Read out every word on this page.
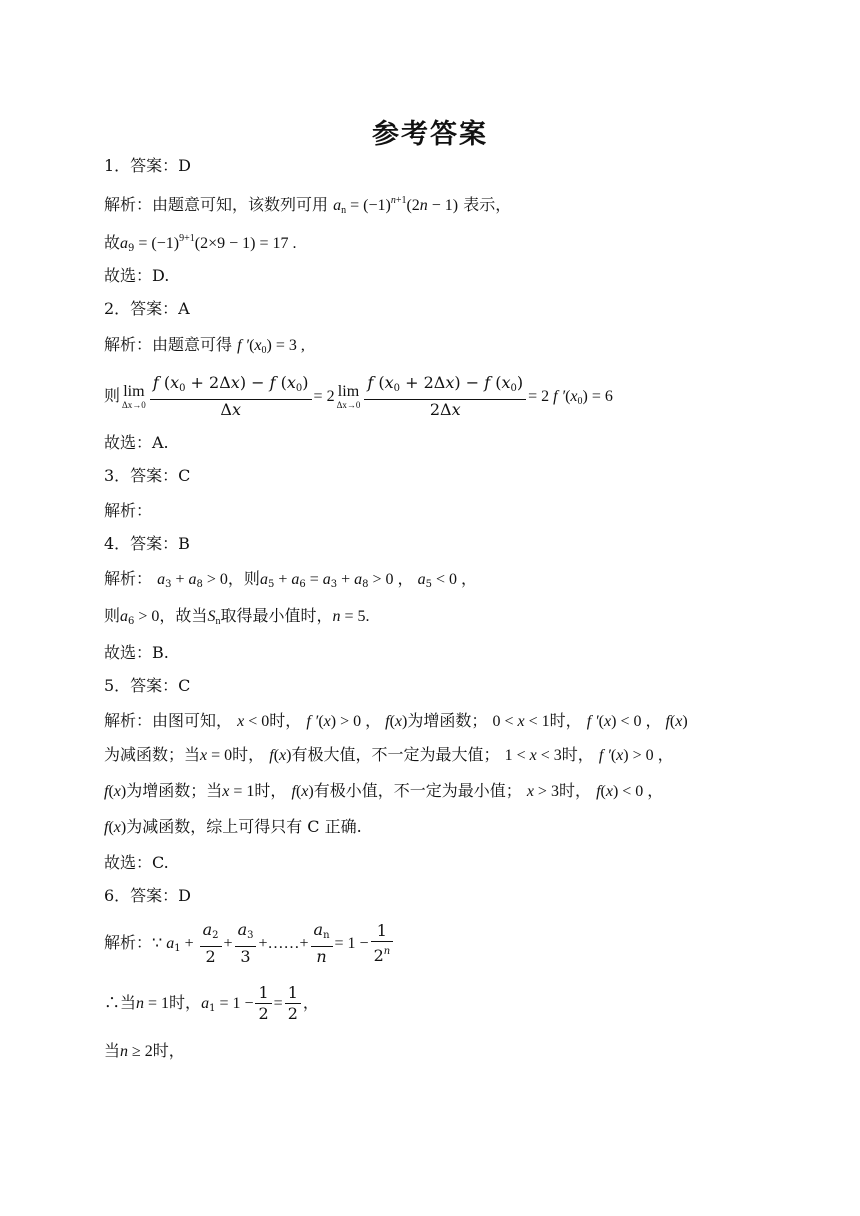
参考答案
1．答案：D
解析：由题意可知，该数列可用 $a_n = (-1)^{n+1}(2n - 1)$ 表示，
故$a_9 = (-1)^{9+1}(2\times 9 - 1) = 17$ .
故选：D.
2．答案：A
解析：由题意可得 f $'(x_0) = 3$ ,
则 lim
$\Delta x\to 0 \frac{f (x_0 + 2\Delta x) - f (x_0)}{\Delta x} = 2$ lim
$\Delta x\to 0 \frac{f (x_0 + 2\Delta x) - f (x_0)}{2\Delta x} = 2$ f $'(x_0) = 6$
故选：A.
3．答案：C
解析：
4．答案：B
解析： $a_3 + a_8 > 0$，则$a_5 + a_6 = a_3 + a_8 > 0$ ， $a_5 < 0$ ，
则$a_6 > 0$，故当$S_n$取得最小值时，n = 5.
故选：B.
5．答案：C
解析：由图可知， x < 0时， f ′(x) > 0 ， f(x)为增函数； 0 < x < 1时， f ′(x) < 0 ， f(x)
为减函数；当x = 0时， f(x)有极大值，不一定为最大值； 1 < x < 3时， f ′(x) > 0 ，
f(x)为增函数；当x = 1时， f(x)有极小值，不一定为最小值； x > 3时， f(x) < 0 ，
f(x)为减函数，综上可得只有 C 正确.
故选：C.
6．答案：D
解析：∵ $a_1 + \frac{a_2}{2} + \frac{a_3}{3}$ +……+ $\frac{a_n}{n} = 1 - \frac{1}{2^n}$
∴当n = 1时，$a_1 = 1 - \frac{1}{2} = \frac{1}{2}$ ，
当n ≥ 2时，
